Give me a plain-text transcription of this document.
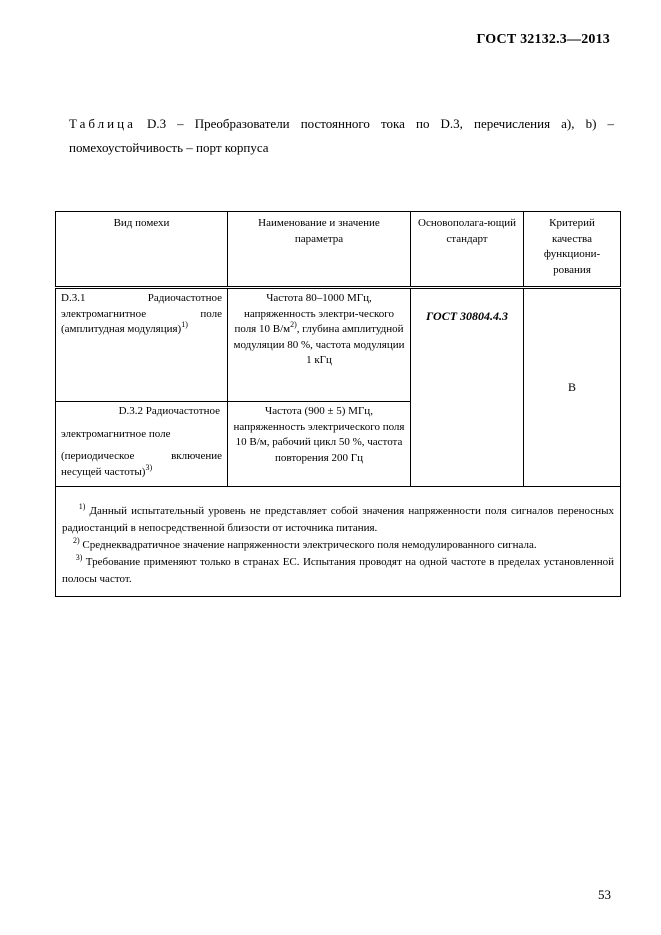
ГОСТ 32132.3—2013
Таблица D.3 – Преобразователи постоянного тока по D.3, перечисления а), b) – помехоустойчивость – порт корпуса
Вид помехи	Наименование и значение параметра	Основополага-ющий стандарт	Критерий качества функциони-рования
D.3.1 Радиочастотное электромагнитное поле (амплитудная модуляция)$^{1)}$	Частота 80–1000 МГц, напряженность электри-ческого поля 10 $В/м^{2)}$, глубина амплитудной модуляции 80 %, частота модуляции 1 кГц	ГОСТ 30804.4.3	В

D.3.2 Радиочастотное
электромагнитное поле
(периодическое включение несущей частоты)$^{3)}$	Частота (900 ± 5) МГц, напряженность электрического поля 10 В/м, рабочий цикл 50 %, частота повторения 200 Гц		

$^{1)}$ Данный испытательный уровень не представляет собой значения напряженности поля сигналов переносных радиостанций в непосредственной близости от источника питания.

$^{2)}$ Среднеквадратичное значение напряженности электрического поля немодулированного сигнала.

$^{3)}$ Требование применяют только в странах ЕС. Испытания проводят на одной частоте в пределах установленной полосы частот.			

53
